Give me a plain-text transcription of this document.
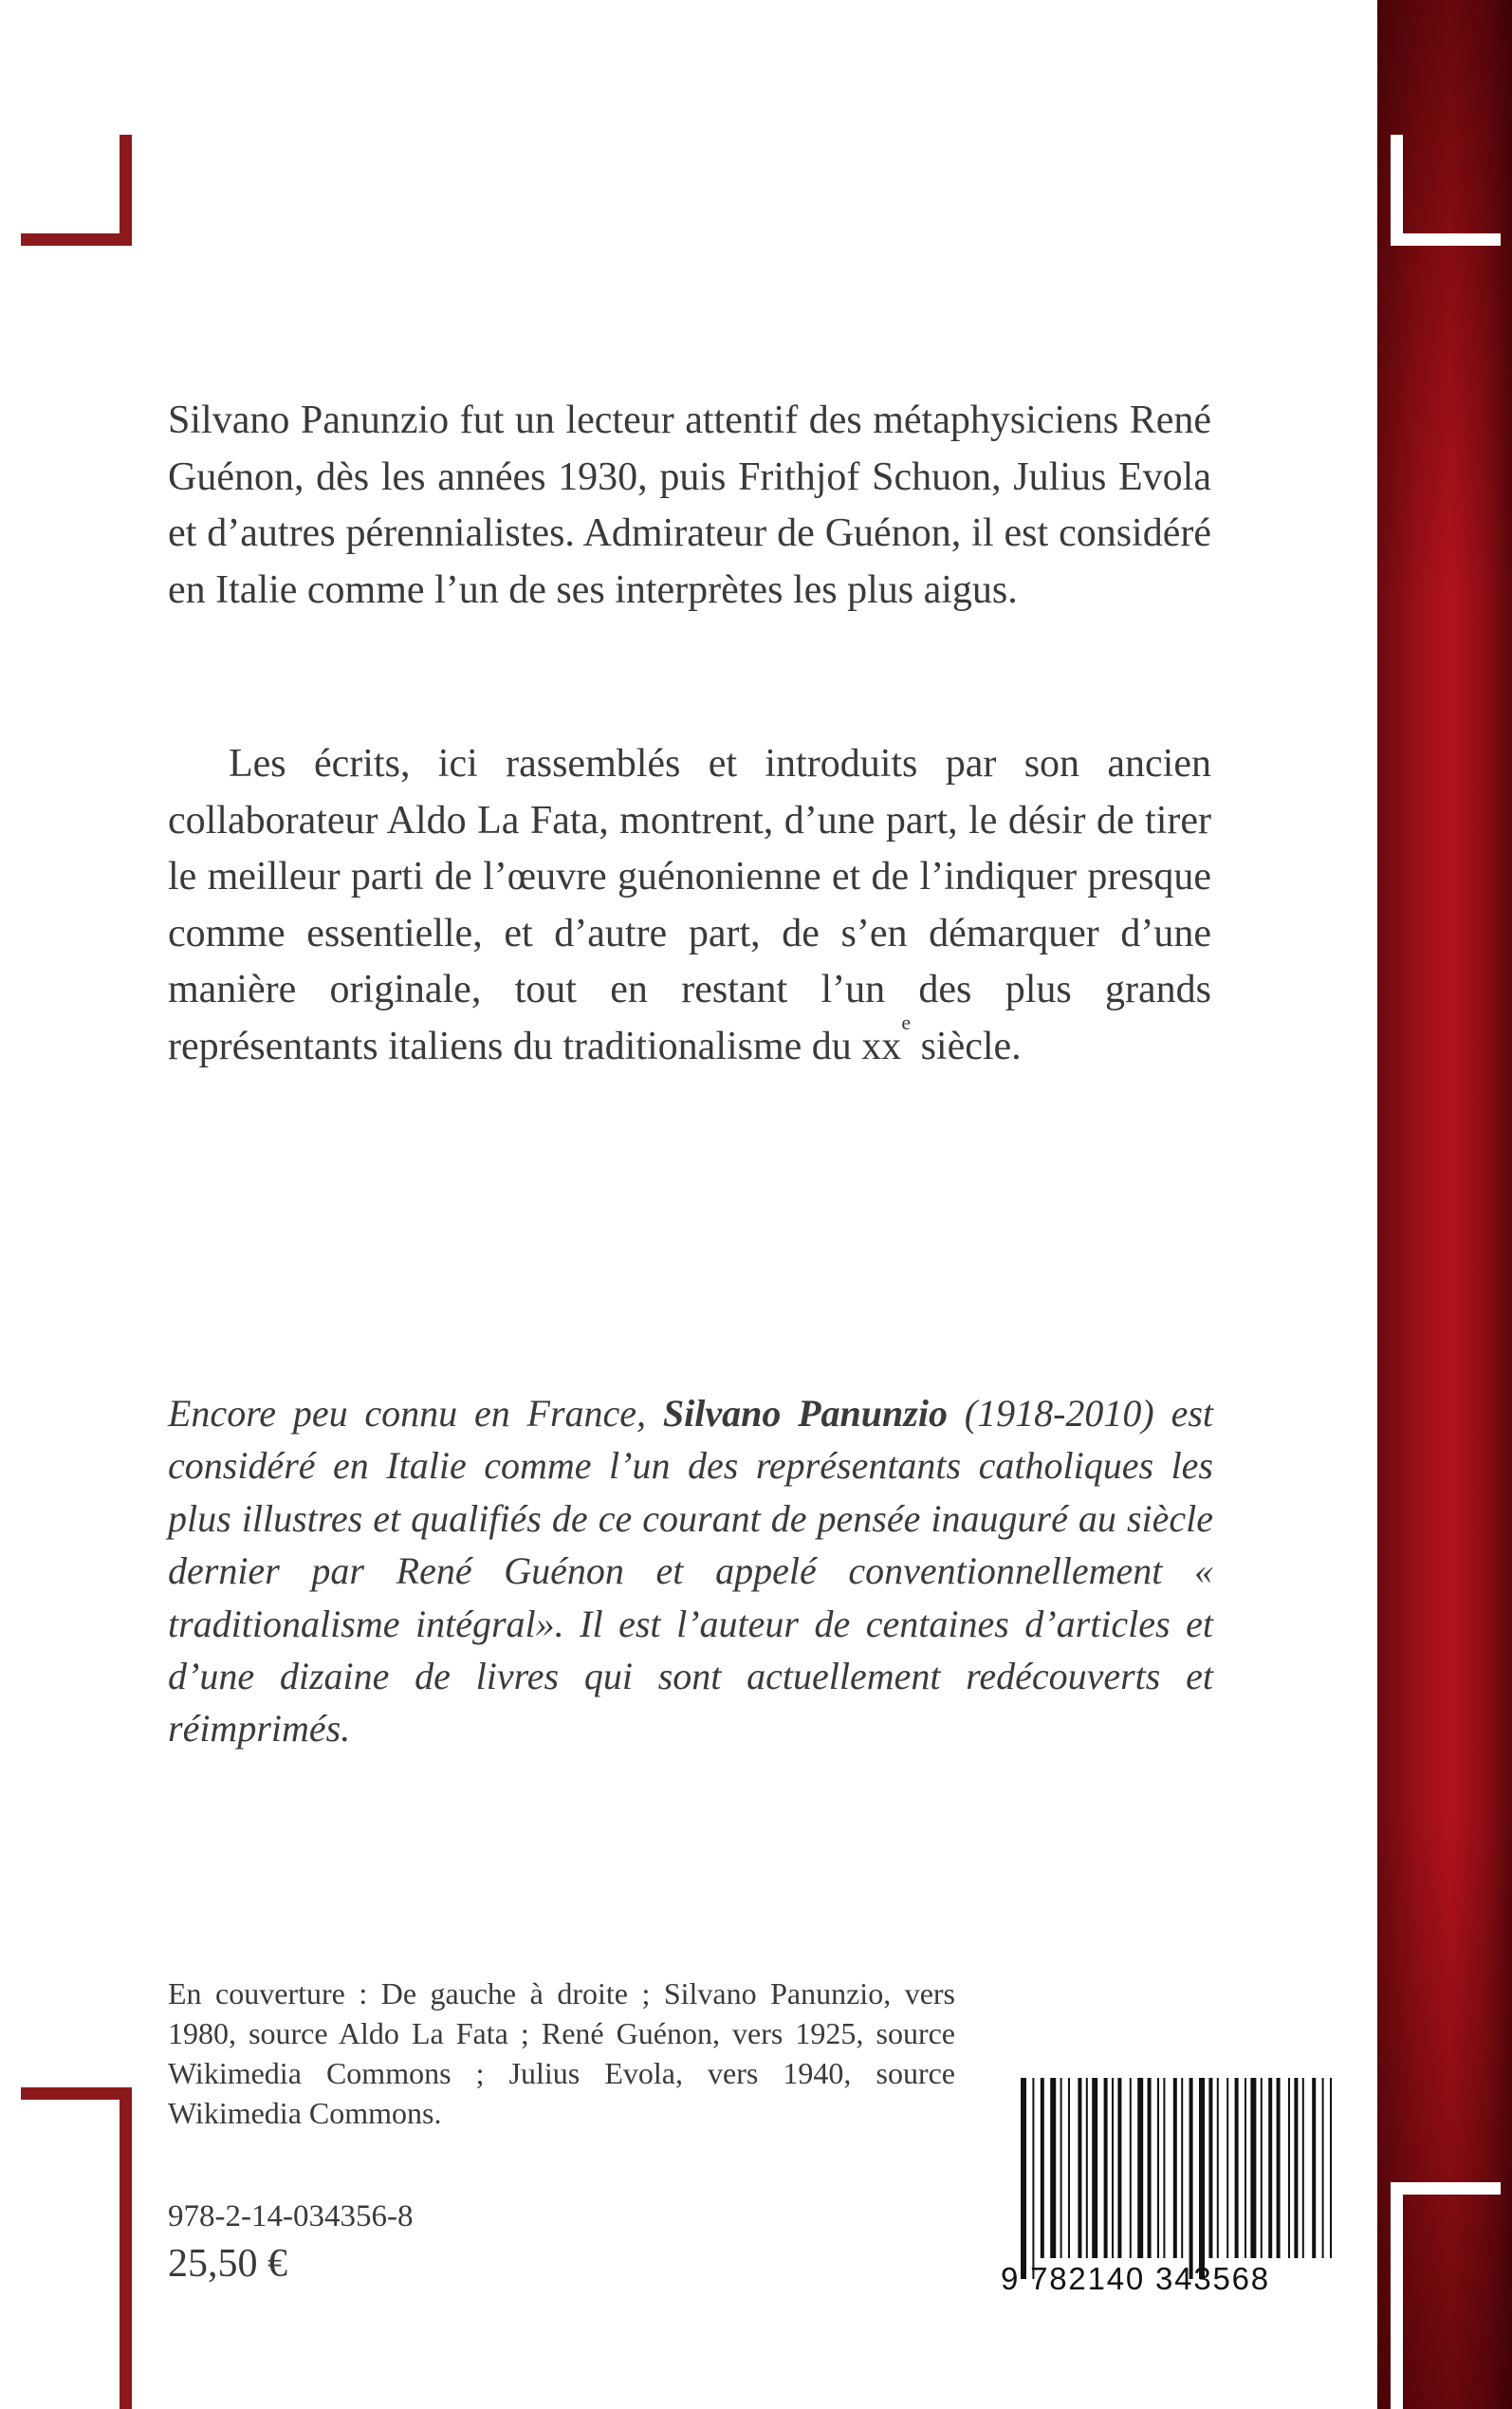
Silvano Panunzio fut un lecteur attentif des métaphysiciens René Guénon, dès les années 1930, puis Frithjof Schuon, Julius Evola et d’autres pérennialistes. Admirateur de Guénon, il est considéré en Italie comme l’un de ses interprètes les plus aigus.

Les écrits, ici rassemblés et introduits par son ancien collaborateur Aldo La Fata, montrent, d’une part, le désir de tirer le meilleur parti de l’œuvre guénonienne et de l’indiquer presque comme essentielle, et d’autre part, de s’en démarquer d’une manière originale, tout en restant l’un des plus grands représentants italiens du traditionalisme du $xx^e$ siècle.

Encore peu connu en France, Silvano Panunzio (1918-2010) est considéré en Italie comme l’un des représentants catholiques les plus illustres et qualifiés de ce courant de pensée inauguré au siècle dernier par René Guénon et appelé conventionnellement « traditionalisme intégral». Il est l’auteur de centaines d’articles et d’une dizaine de livres qui sont actuellement redécouverts et réimprimés.
En couverture : De gauche à droite ; Silvano Panunzio, vers 1980, source Aldo La Fata ; René Guénon, vers 1925, source Wikimedia Commons ; Julius Evola, vers 1940, source Wikimedia Commons.
978-2-14-034356-8
25,50 €	9 782140 343568
